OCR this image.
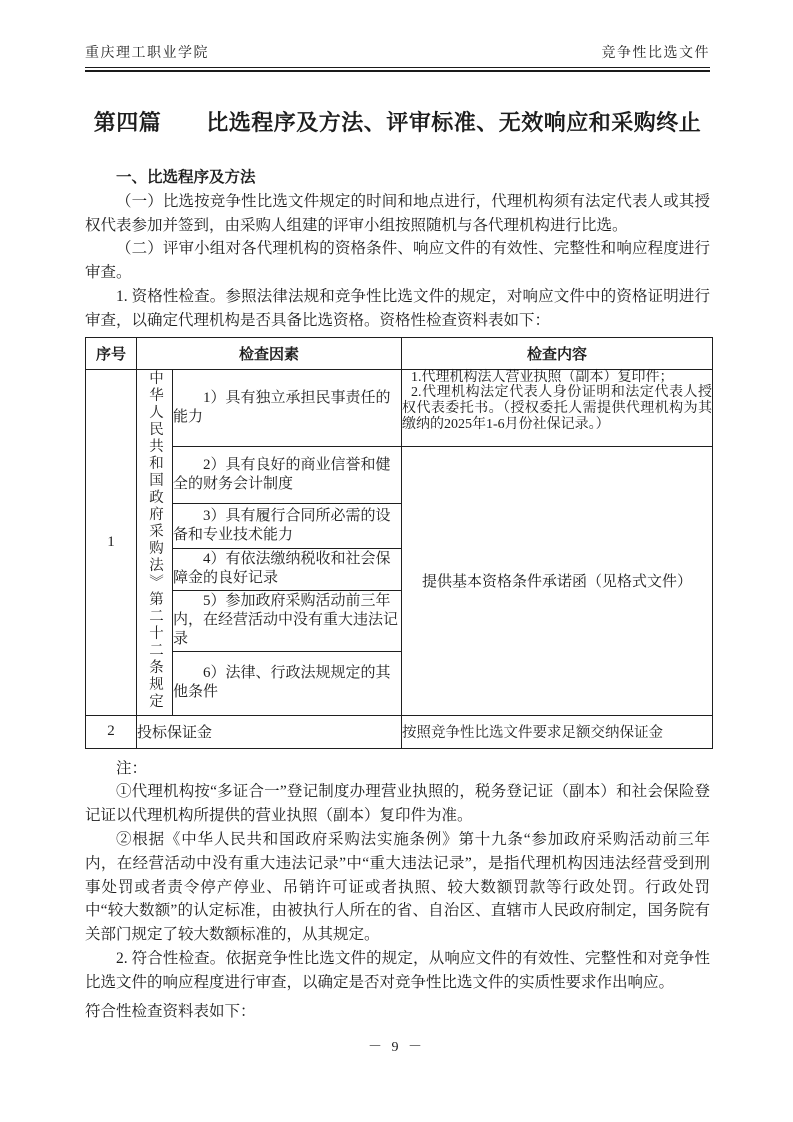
重庆理工职业学院	竞争性比选文件
第四篇　　比选程序及方法、评审标准、无效响应和采购终止
一、比选程序及方法

（一）比选按竞争性比选文件规定的时间和地点进行，代理机构须有法定代表人或其授权代表参加并签到，由采购人组建的评审小组按照随机与各代理机构进行比选。

（二）评审小组对各代理机构的资格条件、响应文件的有效性、完整性和响应程度进行审查。

1. 资格性检查。参照法律法规和竞争性比选文件的规定，对响应文件中的资格证明进行审查，以确定代理机构是否具备比选资格。资格性检查资料表如下：

序号	检查因素		检查内容
1	中华人民共和国政府采购法》第二十二条规定	1）具有独立承担民事责任的能力	1.代理机构法人营业执照（副本）复印件；

2.代理机构法定代表人身份证明和法定代表人授权代表委托书。（授权委托人需提供代理机构为其缴纳的2025年1-6月份社保记录。）

		2）具有良好的商业信誉和健全的财务会计制度	提供基本资格条件承诺函（见格式文件）
		3）具有履行合同所必需的设备和专业技术能力	
		4）有依法缴纳税收和社会保障金的良好记录	
		5）参加政府采购活动前三年内，在经营活动中没有重大违法记录	
		6）法律、行政法规规定的其他条件	
2	投标保证金		按照竞争性比选文件要求足额交纳保证金

注：

①代理机构按“多证合一”登记制度办理营业执照的，税务登记证（副本）和社会保险登记证以代理机构所提供的营业执照（副本）复印件为准。

②根据《中华人民共和国政府采购法实施条例》第十九条“参加政府采购活动前三年内，在经营活动中没有重大违法记录”中“重大违法记录”，是指代理机构因违法经营受到刑事处罚或者责令停产停业、吊销许可证或者执照、较大数额罚款等行政处罚。行政处罚中“较大数额”的认定标准，由被执行人所在的省、自治区、直辖市人民政府制定，国务院有关部门规定了较大数额标准的，从其规定。

2. 符合性检查。依据竞争性比选文件的规定，从响应文件的有效性、完整性和对竞争性比选文件的响应程度进行审查，以确定是否对竞争性比选文件的实质性要求作出响应。

符合性检查资料表如下：

－ 9 －
